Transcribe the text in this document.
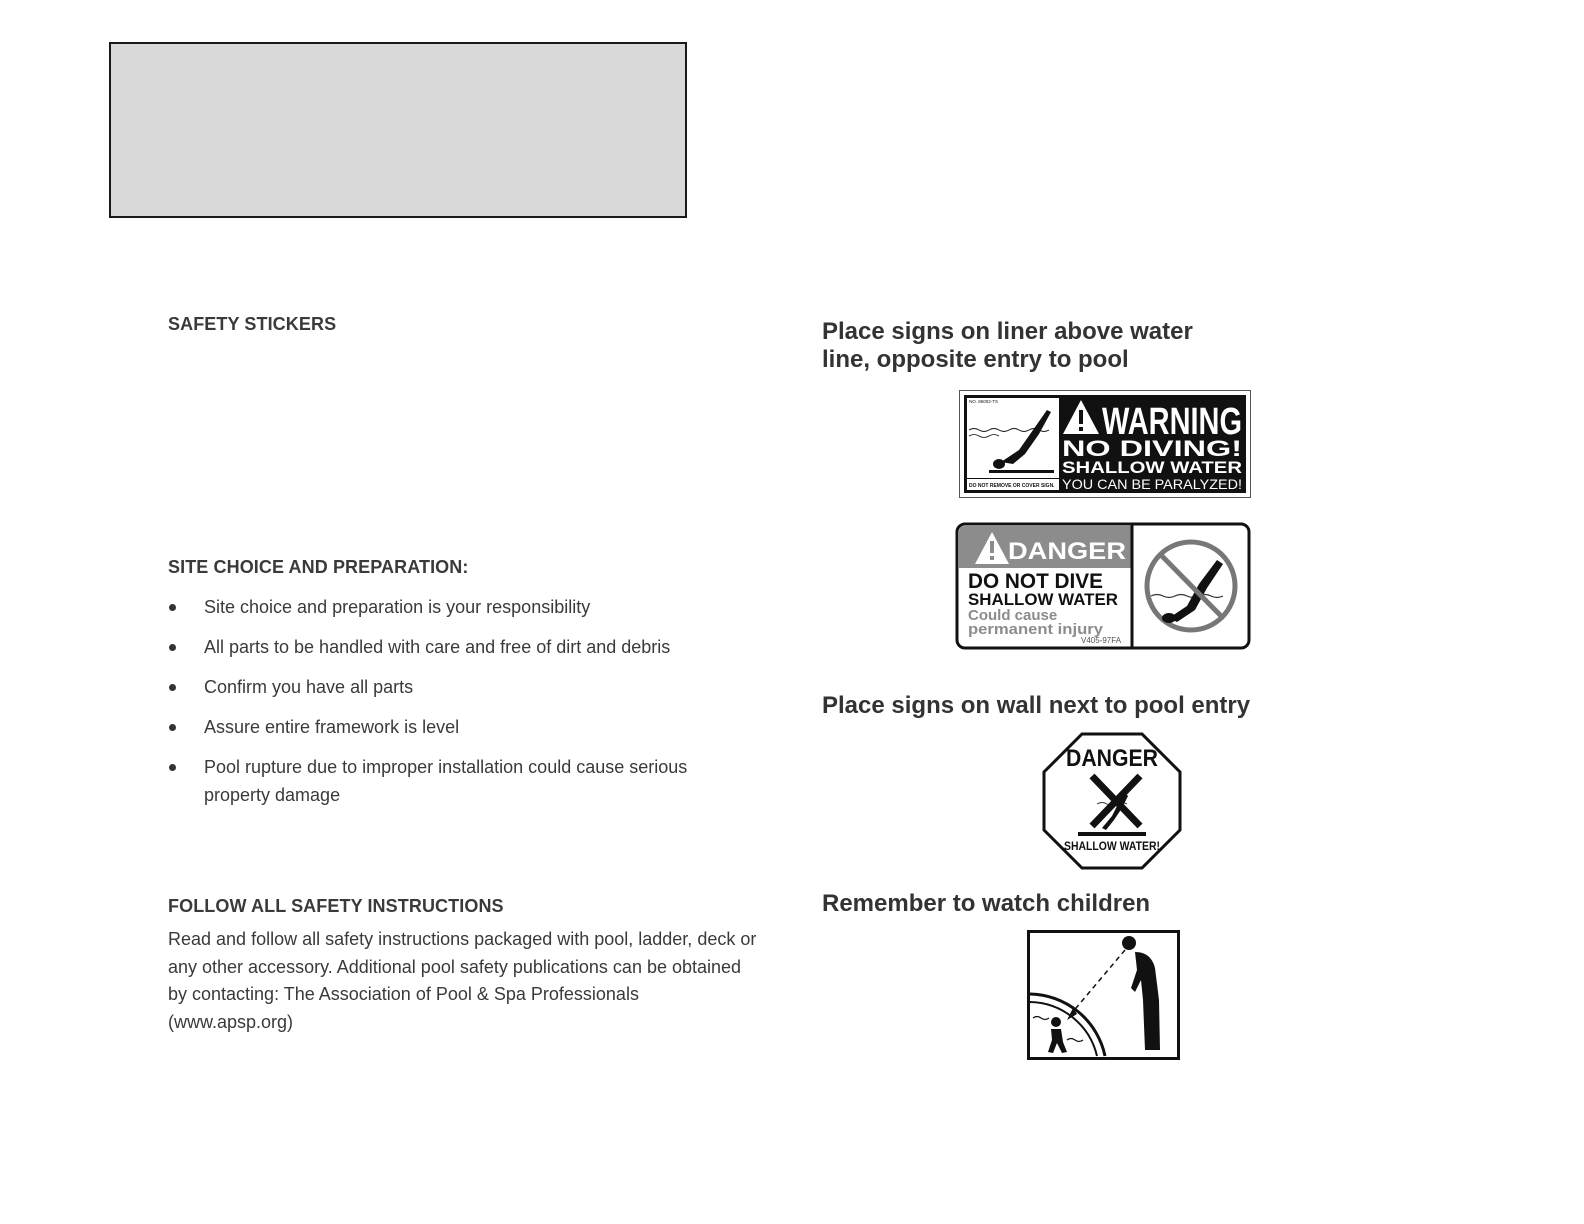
SAFETY STICKERS
SITE CHOICE AND PREPARATION:
Site choice and preparation is your responsibility
All parts to be handled with care and free of dirt and debris
Confirm you have all parts
Assure entire framework is level
Pool rupture due to improper installation could cause serious property damage
FOLLOW ALL SAFETY INSTRUCTIONS

Read and follow all safety instructions packaged with pool, ladder, deck or any other accessory. Additional pool safety publications can be obtained by contacting: The Association of Pool & Spa Professionals (www.apsp.org)

Place signs on liner above water
line, opposite entry to pool
NO. 86002-TS
DO NOT REMOVE OR COVER SIGN.
WARNING
NO DIVING!
SHALLOW WATER
YOU CAN BE PARALYZED!
DANGER
DO NOT DIVE
SHALLOW WATER
Could cause
permanent injury
V405-97FA
Place signs on wall next to pool entry
DANGER
SHALLOW WATER!
Remember to watch children
